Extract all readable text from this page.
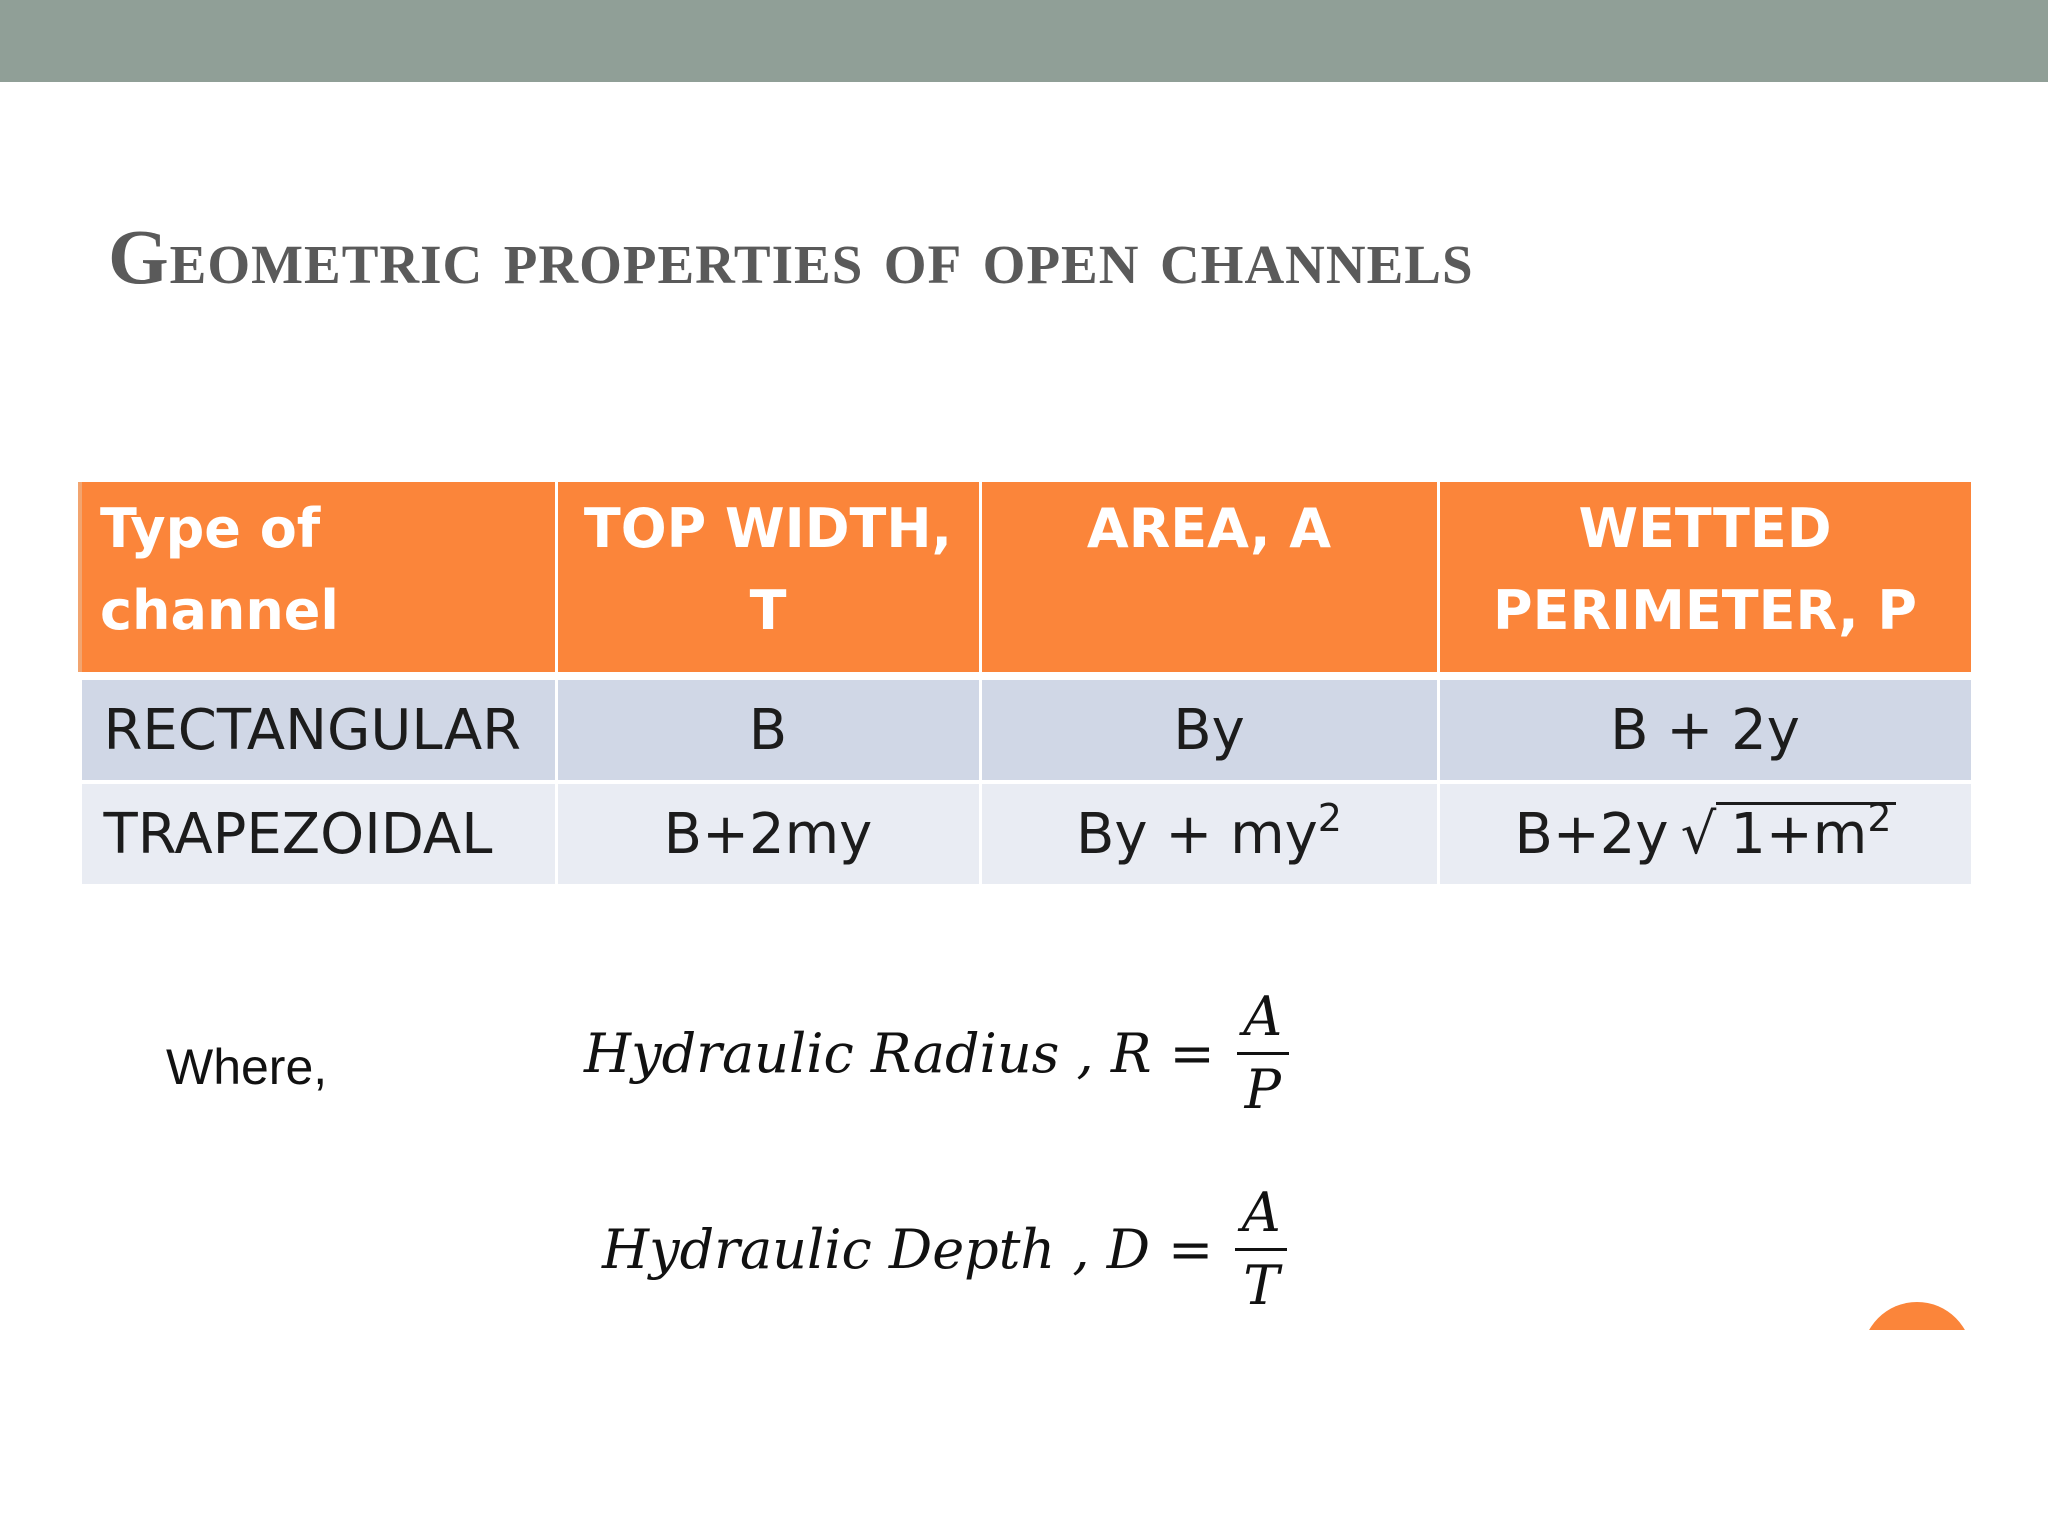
Geometric properties of open channels
Type of channel	TOP WIDTH, T	AREA, A	WETTED PERIMETER, P
RECTANGULAR	B	By	B + 2y
TRAPEZOIDAL	B+2my	$By + my^2$	B+2y √ $1+m^2$
Where,	Hydraulic Radius , $R = \frac{A}{P}$
Hydraulic Depth , $D = \frac{A}{T}$
